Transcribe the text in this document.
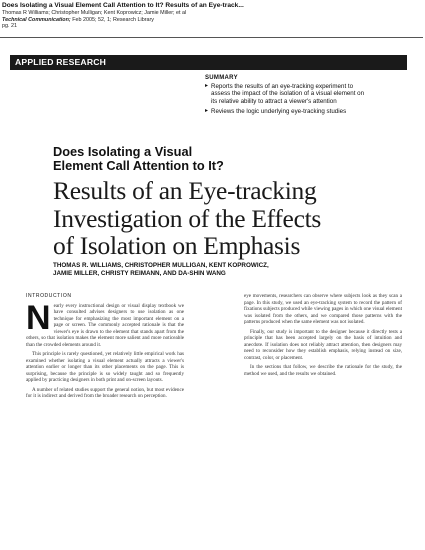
Does Isolating a Visual Element Call Attention to It? Results of an Eye-track...
Thomas R Williams; Christopher Mulligan; Kent Koprowicz; Jamie Miller; et al
Technical Communication; Feb 2005; 52, 1; Research Library
pg. 21
APPLIED RESEARCH
SUMMARY
▸ Reports the results of an eye-tracking experiment to assess the impact of the isolation of a visual element on its relative ability to attract a viewer's attention
▸ Reviews the logic underlying eye-tracking studies
Does Isolating a Visual
Element Call Attention to It?
Results of an Eye-tracking
Investigation of the Effects
of Isolation on Emphasis
THOMAS R. WILLIAMS, CHRISTOPHER MULLIGAN, KENT KOPROWICZ,
JAMIE MILLER, CHRISTY REIMANN, AND DA-SHIN WANG
INTRODUCTION
N early every instructional design or visual display textbook we have consulted advises designers to use isolation as one technique for emphasizing the most important element on a page or screen. The commonly accepted rationale is that the viewer's eye is drawn to the element that stands apart from the others, so that isolation makes the element more salient and more noticeable than the crowded elements around it.

This principle is rarely questioned, yet relatively little empirical work has examined whether isolating a visual element actually attracts a viewer's attention earlier or longer than its other placements on the page. This is surprising, because the principle is so widely taught and so frequently applied by practicing designers in both print and on-screen layouts.

A number of related studies support the general notion, but most evidence for it is indirect and derived from the broader research on perception.

eye movements, researchers can observe where subjects look as they scan a page. In this study, we used an eye-tracking system to record the pattern of fixations subjects produced while viewing pages in which one visual element was isolated from the others, and we compared those patterns with the patterns produced when the same element was not isolated.

Finally, our study is important to the designer because it directly tests a principle that has been accepted largely on the basis of intuition and anecdote. If isolation does not reliably attract attention, then designers may need to reconsider how they establish emphasis, relying instead on size, contrast, color, or placement.

In the sections that follow, we describe the rationale for the study, the method we used, and the results we obtained.
